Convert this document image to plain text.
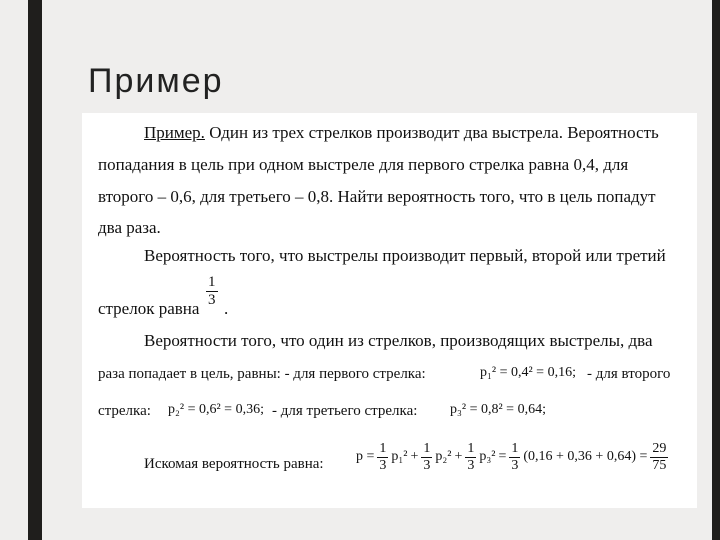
Пример
Пример. Один из трех стрелков производит два выстрела. Вероятность
попадания в цель при одном выстреле для первого стрелка равна 0,4, для
второго – 0,6, для третьего – 0,8. Найти вероятность того, что в цель попадут
два раза.
Вероятность того, что выстрелы производит первый, второй или третий
стрелок равна
$\frac{1}{3}$
.
Вероятности того, что один из стрелков, производящих выстрелы, два
раза попадает в цель, равны: - для первого стрелка:	p₁² = 0,4² = 0,16; - для второго
стрелка: p₂² = 0,6² = 0,36; - для третьего стрелка: p₃² = 0,8² = 0,64;
Искомая вероятность равна: $p = \frac{1}{3} p_1^2 + \frac{1}{3} p_2^2 + \frac{1}{3} p_3^2 = \frac{1}{3} (0,16 + 0,36 + 0,64) = \frac{29}{75}$
